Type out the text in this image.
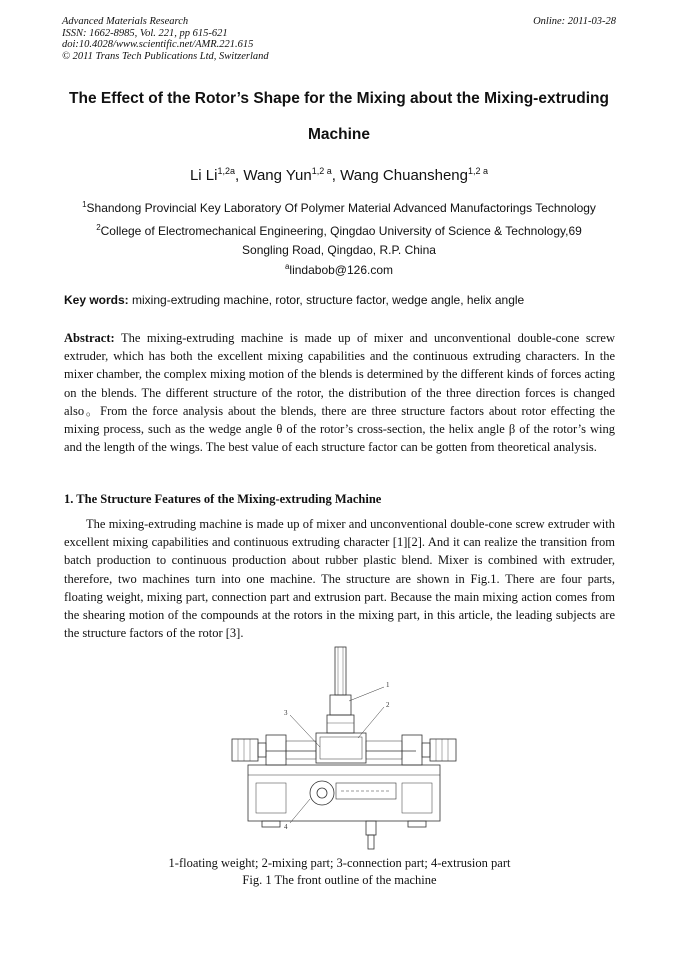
Advanced Materials Research
ISSN: 1662-8985, Vol. 221, pp 615-621
doi:10.4028/www.scientific.net/AMR.221.615
© 2011 Trans Tech Publications Ltd, Switzerland
Online: 2011-03-28
The Effect of the Rotor’s Shape for the Mixing about the Mixing-extruding
Machine
Li $Li^{1,2a}$, Wang Yun$^{1,2 a}$, Wang Chuansheng$^{1,2 a}$
$^1$Shandong Provincial Key Laboratory Of Polymer Material Advanced Manufactorings Technology
$^2$College of Electromechanical Engineering, Qingdao University of Science & Technology,69
Songling Road, Qingdao, R.P. China
$^a$lindabob@126.com
Key words: mixing-extruding machine, rotor, structure factor, wedge angle, helix angle
Abstract: The mixing-extruding machine is made up of mixer and unconventional double-cone screw extruder, which has both the excellent mixing capabilities and the continuous extruding characters. In the mixer chamber, the complex mixing motion of the blends is determined by the different kinds of forces acting on the blends. The different structure of the rotor, the distribution of the three direction forces is changed also。From the force analysis about the blends, there are three structure factors about rotor effecting the mixing process, such as the wedge angle θ of the rotor’s cross-section, the helix angle β of the rotor’s wing and the length of the wings. The best value of each structure factor can be gotten from theoretical analysis.
1. The Structure Features of the Mixing-extruding Machine
The mixing-extruding machine is made up of mixer and unconventional double-cone screw extruder with excellent mixing capabilities and continuous extruding character [1][2]. And it can realize the transition from batch production to continuous production about rubber plastic blend. Mixer is combined with extruder, therefore, two machines turn into one machine. The structure are shown in Fig.1. There are four parts, floating weight, mixing part, connection part and extrusion part. Because the main mixing action comes from the shearing motion of the compounds at the rotors in the mixing part, in this article, the leading subjects are the structure factors of the rotor [3].
1
2
3
4
1-floating weight; 2-mixing part; 3-connection part; 4-extrusion part
Fig. 1 The front outline of the machine
